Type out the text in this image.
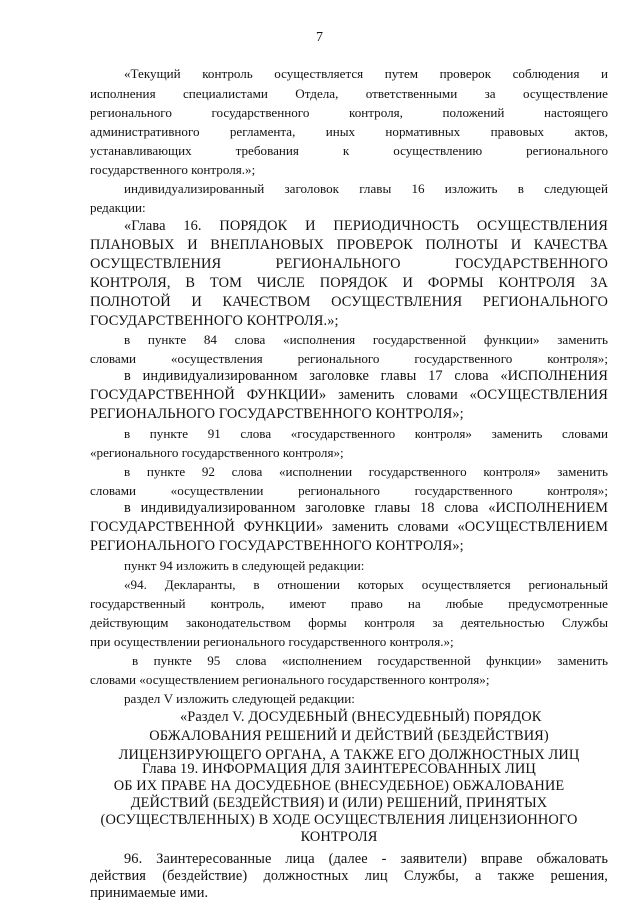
7
«Текущий контроль осуществляется путем проверок соблюдения и
исполнения специалистами Отдела, ответственными за осуществление
регионального государственного контроля, положений настоящего
административного регламента, иных нормативных правовых актов,
устанавливающих требования к осуществлению регионального
государственного контроля.»;
индивидуализированный заголовок главы 16 изложить в следующей
редакции:
«Глава 16. ПОРЯДОК И ПЕРИОДИЧНОСТЬ ОСУЩЕСТВЛЕНИЯ
ПЛАНОВЫХ И ВНЕПЛАНОВЫХ ПРОВЕРОК ПОЛНОТЫ И КАЧЕСТВА
ОСУЩЕСТВЛЕНИЯ РЕГИОНАЛЬНОГО ГОСУДАРСТВЕННОГО
КОНТРОЛЯ, В ТОМ ЧИСЛЕ ПОРЯДОК И ФОРМЫ КОНТРОЛЯ ЗА
ПОЛНОТОЙ И КАЧЕСТВОМ ОСУЩЕСТВЛЕНИЯ РЕГИОНАЛЬНОГО
ГОСУДАРСТВЕННОГО КОНТРОЛЯ.»;
в пункте 84 слова «исполнения государственной функции» заменить
словами «осуществления регионального государственного контроля»;
в индивидуализированном заголовке главы 17 слова «ИСПОЛНЕНИЯ
ГОСУДАРСТВЕННОЙ ФУНКЦИИ» заменить словами «ОСУЩЕСТВЛЕНИЯ
РЕГИОНАЛЬНОГО ГОСУДАРСТВЕННОГО КОНТРОЛЯ»;
в пункте 91 слова «государственного контроля» заменить словами
«регионального государственного контроля»;
в пункте 92 слова «исполнении государственного контроля» заменить
словами «осуществлении регионального государственного контроля»;
в индивидуализированном заголовке главы 18 слова «ИСПОЛНЕНИЕМ
ГОСУДАРСТВЕННОЙ ФУНКЦИИ» заменить словами «ОСУЩЕСТВЛЕНИЕМ
РЕГИОНАЛЬНОГО ГОСУДАРСТВЕННОГО КОНТРОЛЯ»;
пункт 94 изложить в следующей редакции:
«94. Декларанты, в отношении которых осуществляется региональный
государственный контроль, имеют право на любые предусмотренные
действующим законодательством формы контроля за деятельностью Службы
при осуществлении регионального государственного контроля.»;
в пункте 95 слова «исполнением государственной функции» заменить
словами «осуществлением регионального государственного контроля»;
раздел V изложить следующей редакции:
«Раздел V. ДОСУДЕБНЫЙ (ВНЕСУДЕБНЫЙ) ПОРЯДОК
ОБЖАЛОВАНИЯ РЕШЕНИЙ И ДЕЙСТВИЙ (БЕЗДЕЙСТВИЯ)
ЛИЦЕНЗИРУЮЩЕГО ОРГАНА, А ТАКЖЕ ЕГО ДОЛЖНОСТНЫХ ЛИЦ
Глава 19. ИНФОРМАЦИЯ ДЛЯ ЗАИНТЕРЕСОВАННЫХ ЛИЦ
ОБ ИХ ПРАВЕ НА ДОСУДЕБНОЕ (ВНЕСУДЕБНОЕ) ОБЖАЛОВАНИЕ
ДЕЙСТВИЙ (БЕЗДЕЙСТВИЯ) И (ИЛИ) РЕШЕНИЙ, ПРИНЯТЫХ
(ОСУЩЕСТВЛЕННЫХ) В ХОДЕ ОСУЩЕСТВЛЕНИЯ ЛИЦЕНЗИОННОГО
КОНТРОЛЯ
96. Заинтересованные лица (далее - заявители) вправе обжаловать
действия (бездействие) должностных лиц Службы, а также решения,
принимаемые ими.
